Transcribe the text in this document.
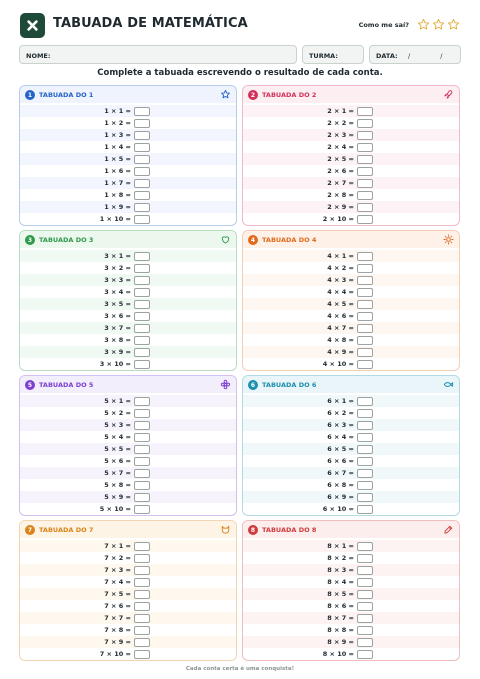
TABUADA DE MATEMÁTICA	Como me saí?
NOME:	TURMA:	DATA: / /
Complete a tabuada escrevendo o resultado de cada conta.
1	TABUADA DO 1
1 × 1 =
1 × 2 =
1 × 3 =
1 × 4 =
1 × 5 =
1 × 6 =
1 × 7 =
1 × 8 =
1 × 9 =
1 × 10 =
2	TABUADA DO 2
2 × 1 =
2 × 2 =
2 × 3 =
2 × 4 =
2 × 5 =
2 × 6 =
2 × 7 =
2 × 8 =
2 × 9 =
2 × 10 =
3	TABUADA DO 3
3 × 1 =
3 × 2 =
3 × 3 =
3 × 4 =
3 × 5 =
3 × 6 =
3 × 7 =
3 × 8 =
3 × 9 =
3 × 10 =
4	TABUADA DO 4
4 × 1 =
4 × 2 =
4 × 3 =
4 × 4 =
4 × 5 =
4 × 6 =
4 × 7 =
4 × 8 =
4 × 9 =
4 × 10 =
5	TABUADA DO 5
5 × 1 =
5 × 2 =
5 × 3 =
5 × 4 =
5 × 5 =
5 × 6 =
5 × 7 =
5 × 8 =
5 × 9 =
5 × 10 =
6	TABUADA DO 6
6 × 1 =
6 × 2 =
6 × 3 =
6 × 4 =
6 × 5 =
6 × 6 =
6 × 7 =
6 × 8 =
6 × 9 =
6 × 10 =
7	TABUADA DO 7
7 × 1 =
7 × 2 =
7 × 3 =
7 × 4 =
7 × 5 =
7 × 6 =
7 × 7 =
7 × 8 =
7 × 9 =
7 × 10 =
8	TABUADA DO 8
8 × 1 =
8 × 2 =
8 × 3 =
8 × 4 =
8 × 5 =
8 × 6 =
8 × 7 =
8 × 8 =
8 × 9 =
8 × 10 =
Cada conta certa é uma conquista!
